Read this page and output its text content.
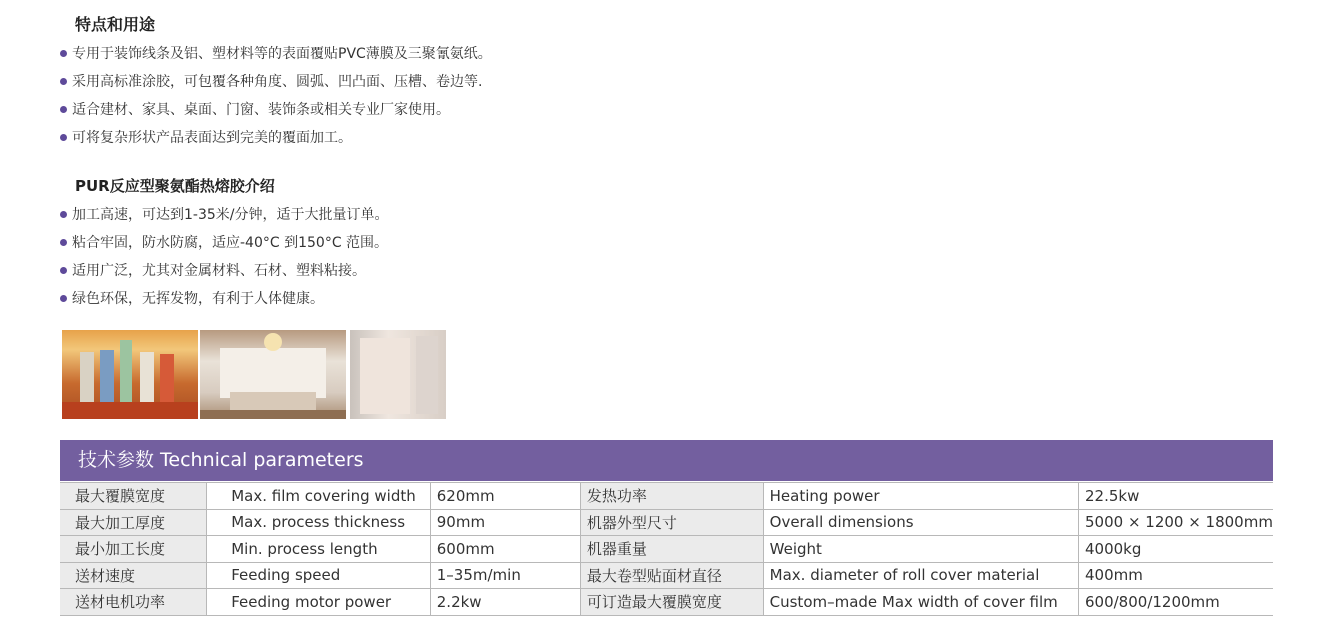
特点和用途
专用于装饰线条及铝、塑材料等的表面覆贴PVC薄膜及三聚氰氨纸。
采用高标准涂胶，可包覆各种角度、圆弧、凹凸面、压槽、卷边等.
适合建材、家具、桌面、门窗、装饰条或相关专业厂家使用。
可将复杂形状产品表面达到完美的覆面加工。
PUR反应型聚氨酯热熔胶介绍
加工高速，可达到1-35米/分钟，适于大批量订单。
粘合牢固，防水防腐，适应-40°C 到150°C 范围。
适用广泛，尤其对金属材料、石材、塑料粘接。
绿色环保，无挥发物，有利于人体健康。
技术参数 Technical parameters
最大覆膜宽度	Max. film covering width	620mm	发热功率	Heating power	22.5kw
最大加工厚度	Max. process thickness	90mm	机器外型尺寸	Overall dimensions	5000 × 1200 × 1800mm
最小加工长度	Min. process length	600mm	机器重量	Weight	4000kg
送材速度	Feeding speed	1–35m/min	最大卷型贴面材直径	Max. diameter of roll cover material	400mm
送材电机功率	Feeding motor power	2.2kw	可订造最大覆膜宽度	Custom–made Max width of cover film	600/800/1200mm
